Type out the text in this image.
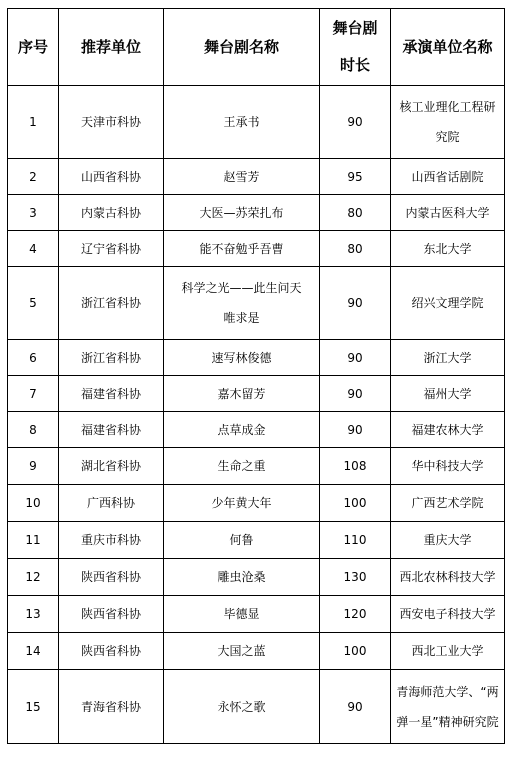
序号	推荐单位	舞台剧名称	舞台剧时长	承演单位名称
1	天津市科协	王承书	90	核工业理化工程研究院
2	山西省科协	赵雪芳	95	山西省话剧院
3	内蒙古科协	大医—苏荣扎布	80	内蒙古医科大学
4	辽宁省科协	能不奋勉乎吾曹	80	东北大学
5	浙江省科协	科学之光——此生问天唯求是	90	绍兴文理学院
6	浙江省科协	速写林俊德	90	浙江大学
7	福建省科协	嘉木留芳	90	福州大学
8	福建省科协	点草成金	90	福建农林大学
9	湖北省科协	生命之重	108	华中科技大学
10	广西科协	少年黄大年	100	广西艺术学院
11	重庆市科协	何鲁	110	重庆大学
12	陕西省科协	雕虫沧桑	130	西北农林科技大学
13	陕西省科协	毕德显	120	西安电子科技大学
14	陕西省科协	大国之蓝	100	西北工业大学
15	青海省科协	永怀之歌	90	青海师范大学、“两弹一星”精神研究院
